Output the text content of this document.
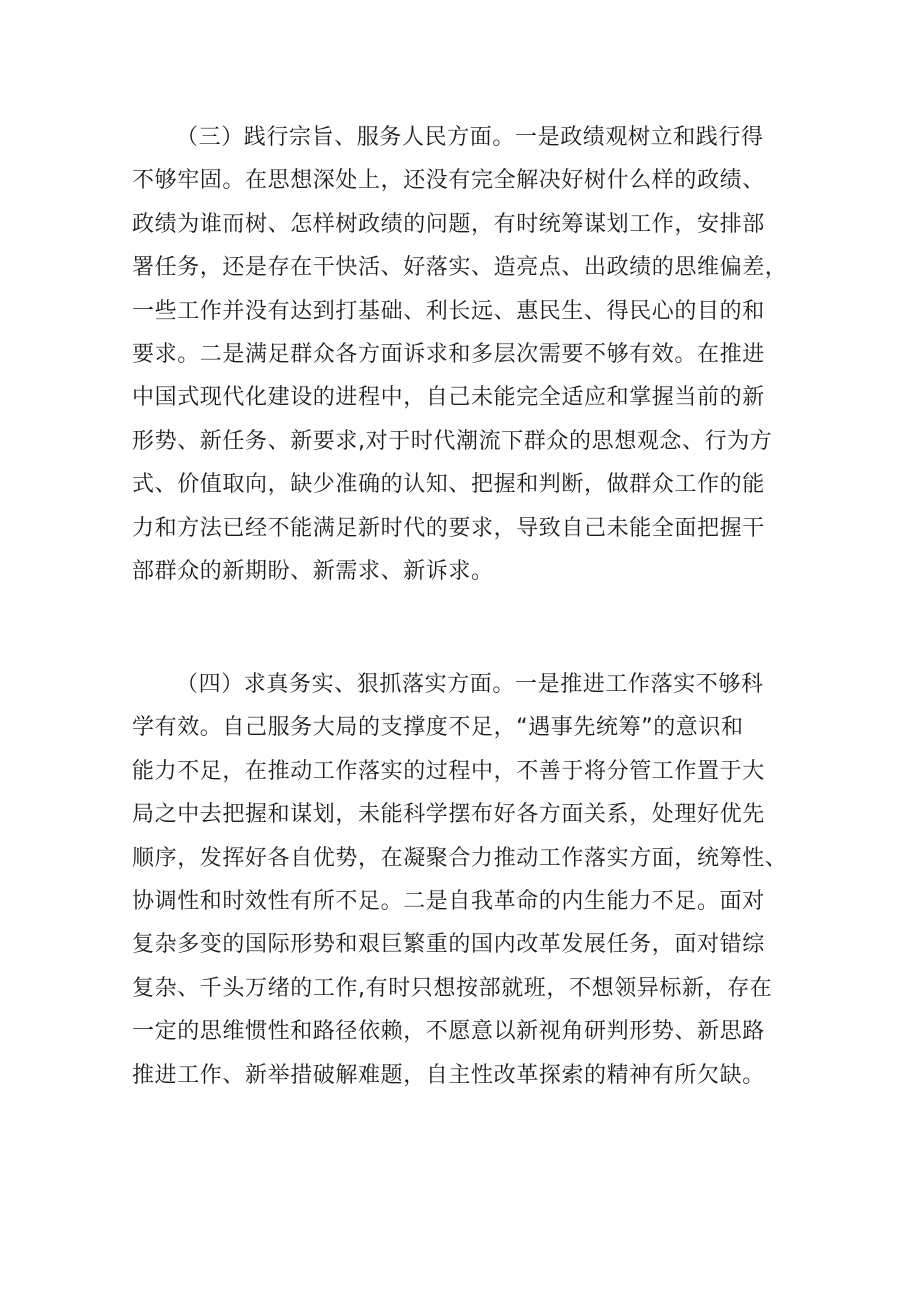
（三）践行宗旨、服务人民方面。一是政绩观树立和践行得
不够牢固。在思想深处上，还没有完全解决好树什么样的政绩、
政绩为谁而树、怎样树政绩的问题，有时统筹谋划工作，安排部
署任务，还是存在干快活、好落实、造亮点、出政绩的思维偏差，
一些工作并没有达到打基础、利长远、惠民生、得民心的目的和
要求。二是满足群众各方面诉求和多层次需要不够有效。在推进
中国式现代化建设的进程中，自己未能完全适应和掌握当前的新
形势、新任务、新要求,对于时代潮流下群众的思想观念、行为方
式、价值取向，缺少准确的认知、把握和判断，做群众工作的能
力和方法已经不能满足新时代的要求，导致自己未能全面把握干
部群众的新期盼、新需求、新诉求。
（四）求真务实、狠抓落实方面。一是推进工作落实不够科
学有效。自己服务大局的支撑度不足，“遇事先统筹”的意识和
能力不足，在推动工作落实的过程中，不善于将分管工作置于大
局之中去把握和谋划，未能科学摆布好各方面关系，处理好优先
顺序，发挥好各自优势，在凝聚合力推动工作落实方面，统筹性、
协调性和时效性有所不足。二是自我革命的内生能力不足。面对
复杂多变的国际形势和艰巨繁重的国内改革发展任务，面对错综
复杂、千头万绪的工作,有时只想按部就班，不想领异标新，存在
一定的思维惯性和路径依赖，不愿意以新视角研判形势、新思路
推进工作、新举措破解难题，自主性改革探索的精神有所欠缺。
